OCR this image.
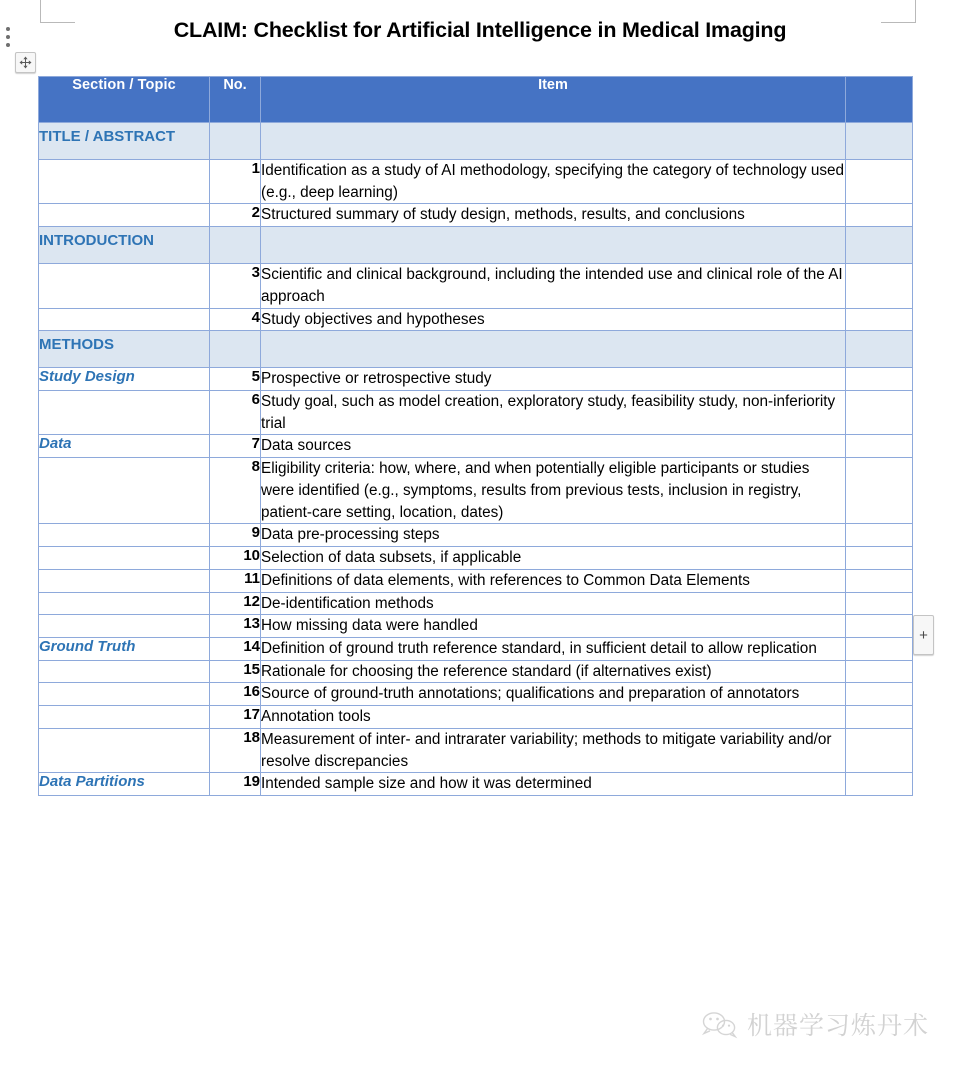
+
CLAIM: Checklist for Artificial Intelligence in Medical Imaging
Section / Topic	No.	Item	
TITLE / ABSTRACT			
	1	Identification as a study of AI methodology, specifying the category of technology used (e.g., deep learning)	
	2	Structured summary of study design, methods, results, and conclusions	
INTRODUCTION			
	3	Scientific and clinical background, including the intended use and clinical role of the AI approach	
	4	Study objectives and hypotheses	
METHODS			
Study Design	5	Prospective or retrospective study	
	6	Study goal, such as model creation, exploratory study, feasibility study, non-inferiority trial	
Data	7	Data sources	
	8	Eligibility criteria: how, where, and when potentially eligible participants or studies were identified (e.g., symptoms, results from previous tests, inclusion in registry, patient-care setting, location, dates)	
	9	Data pre-processing steps	
	10	Selection of data subsets, if applicable	
	11	Definitions of data elements, with references to Common Data Elements	
	12	De-identification methods	
	13	How missing data were handled	
Ground Truth	14	Definition of ground truth reference standard, in sufficient detail to allow replication	
	15	Rationale for choosing the reference standard (if alternatives exist)	
	16	Source of ground-truth annotations; qualifications and preparation of annotators	
	17	Annotation tools	
	18	Measurement of inter- and intrarater variability; methods to mitigate variability and/or resolve discrepancies	
Data Partitions	19	Intended sample size and how it was determined	
机器学习炼丹术
